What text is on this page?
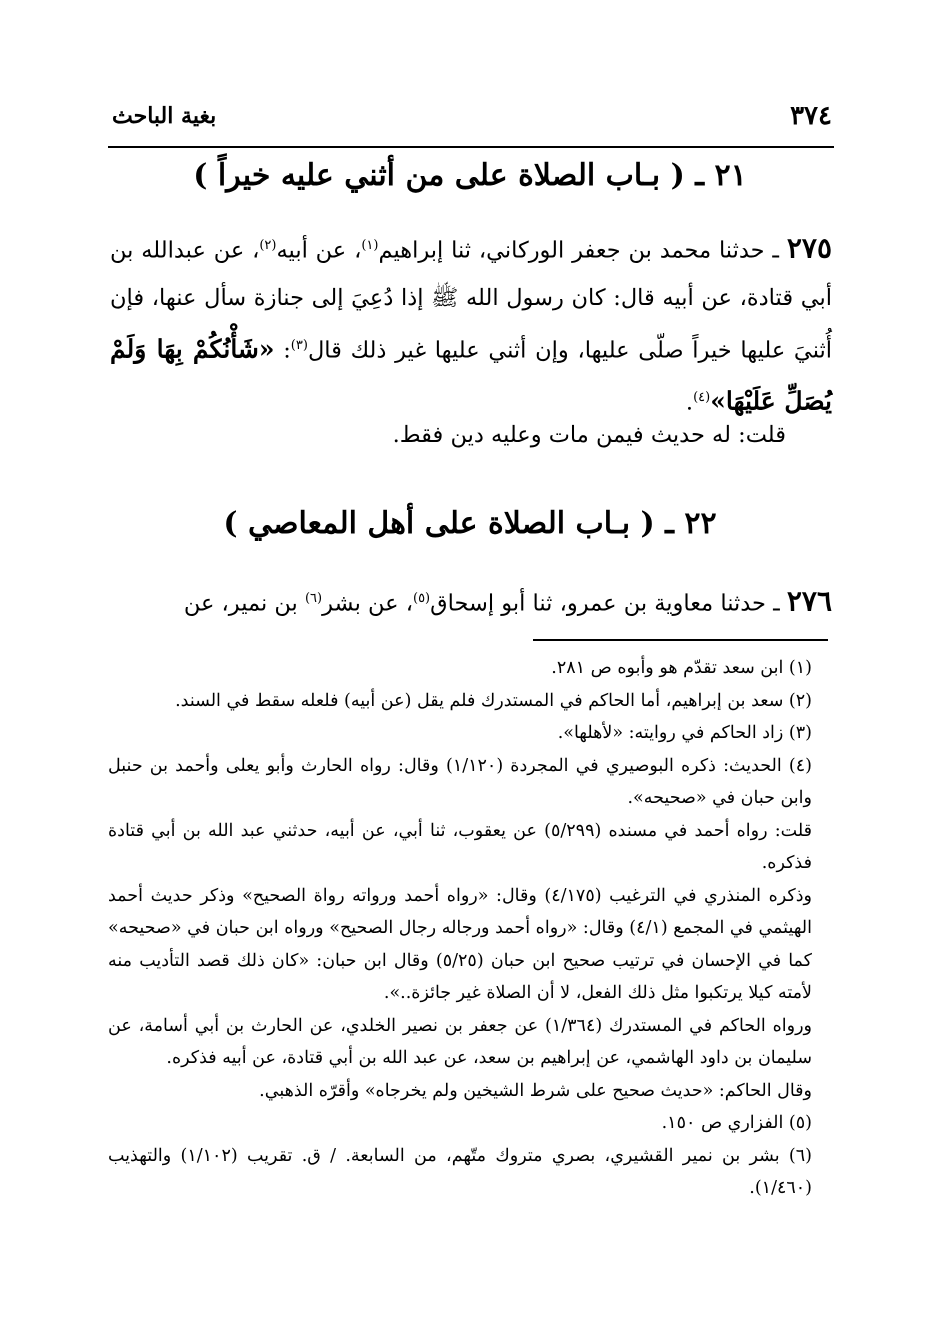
٣٧٤
بغية الباحث
٢١ ـ ( بـاب الصلاة على من أثني عليه خيراً )
٢٧٥ ـ حدثنا محمد بن جعفر الوركاني، ثنا إبراهيم$^{(١)}$، عن أبيه$^{(٢)}$، عن عبدالله بن أبي قتادة، عن أبيه قال: كان رسول الله ﷺ إذا دُعِيَ إلى جنازة سأل عنها، فإن أُثنيَ عليها خيراً صلّى عليها، وإن أثني عليها غير ذلك قال$^{(٣)}$: «شَأْنُكُمْ بِهَا وَلَمْ يُصَلِّ عَلَيْهَا»$^{(٤)}$.
قلت: له حديث فيمن مات وعليه دين فقط.
٢٢ ـ ( بـاب الصلاة على أهل المعاصي )
٢٧٦ ـ حدثنا معاوية بن عمرو، ثنا أبو إسحاق$^{(٥)}$، عن بشر$^{(٦)}$ بن نمير، عن

(١) ابن سعد تقدّم هو وأبوه ص ٢٨١.

(٢) سعد بن إبراهيم، أما الحاكم في المستدرك فلم يقل (عن أبيه) فلعله سقط في السند.

(٣) زاد الحاكم في روايته: «لأهلها».

(٤) الحديث: ذكره البوصيري في المجردة (١/١٢٠) وقال: رواه الحارث وأبو يعلى وأحمد بن حنبل وابن حبان في «صحيحه».

قلت: رواه أحمد في مسنده (٥/٢٩٩) عن يعقوب، ثنا أبي، عن أبيه، حدثني عبد الله بن أبي قتادة فذكره.

وذكره المنذري في الترغيب (٤/١٧٥) وقال: «رواه أحمد ورواته رواة الصحيح» وذكر حديث أحمد الهيثمي في المجمع (٤/١) وقال: «رواه أحمد ورجاله رجال الصحيح» ورواه ابن حبان في «صحيحه» كما في الإحسان في ترتيب صحيح ابن حبان (٥/٢٥) وقال ابن حبان: «كان ذلك قصد التأديب منه لأمته كيلا يرتكبوا مثل ذلك الفعل، لا أن الصلاة غير جائزة..».

ورواه الحاكم في المستدرك (١/٣٦٤) عن جعفر بن نصير الخلدي، عن الحارث بن أبي أسامة، عن سليمان بن داود الهاشمي، عن إبراهيم بن سعد، عن عبد الله بن أبي قتادة، عن أبيه فذكره.

وقال الحاكم: «حديث صحيح على شرط الشيخين ولم يخرجاه» وأقرّه الذهبي.

(٥) الفزاري ص ١٥٠.

(٦) بشر بن نمير القشيري، بصري متروك متّهم، من السابعة. / ق. تقريب (١/١٠٢) والتهذيب (١/٤٦٠).
